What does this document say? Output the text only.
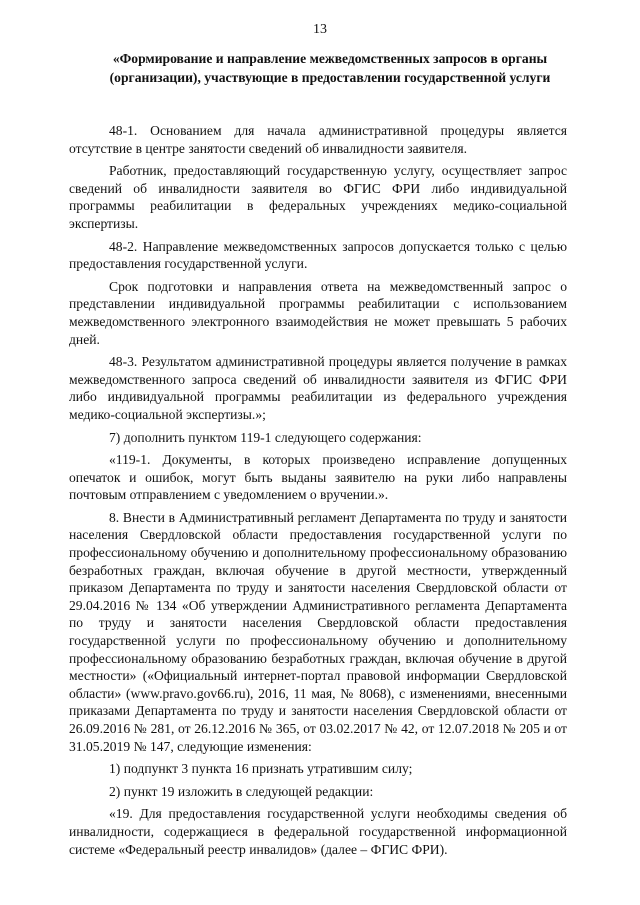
13
«Формирование и направление межведомственных запросов в органы (организации), участвующие в предоставлении государственной услуги

48-1. Основанием для начала административной процедуры является отсутствие в центре занятости сведений об инвалидности заявителя.

Работник, предоставляющий государственную услугу, осуществляет запрос сведений об инвалидности заявителя во ФГИС ФРИ либо индивидуальной программы реабилитации в федеральных учреждениях медико-социальной экспертизы.

48-2. Направление межведомственных запросов допускается только с целью предоставления государственной услуги.

Срок подготовки и направления ответа на межведомственный запрос о представлении индивидуальной программы реабилитации с использованием межведомственного электронного взаимодействия не может превышать 5 рабочих дней.

48-3. Результатом административной процедуры является получение в рамках межведомственного запроса сведений об инвалидности заявителя из ФГИС ФРИ либо индивидуальной программы реабилитации из федерального учреждения медико-социальной экспертизы.»;

7) дополнить пунктом 119-1 следующего содержания:

«119-1. Документы, в которых произведено исправление допущенных опечаток и ошибок, могут быть выданы заявителю на руки либо направлены почтовым отправлением с уведомлением о вручении.».

8. Внести в Административный регламент Департамента по труду и занятости населения Свердловской области предоставления государственной услуги по профессиональному обучению и дополнительному профессиональному образованию безработных граждан, включая обучение в другой местности, утвержденный приказом Департамента по труду и занятости населения Свердловской области от 29.04.2016 № 134 «Об утверждении Административного регламента Департамента по труду и занятости населения Свердловской области предоставления государственной услуги по профессиональному обучению и дополнительному профессиональному образованию безработных граждан, включая обучение в другой местности» («Официальный интернет-портал правовой информации Свердловской области» (www.pravo.gov66.ru), 2016, 11 мая, № 8068), с изменениями, внесенными приказами Департамента по труду и занятости населения Свердловской области от 26.09.2016 № 281, от 26.12.2016 № 365, от 03.02.2017 № 42, от 12.07.2018 № 205 и от 31.05.2019 № 147, следующие изменения:

1) подпункт 3 пункта 16 признать утратившим силу;

2) пункт 19 изложить в следующей редакции:

«19. Для предоставления государственной услуги необходимы сведения об инвалидности, содержащиеся в федеральной государственной информационной системе «Федеральный реестр инвалидов» (далее – ФГИС ФРИ).
